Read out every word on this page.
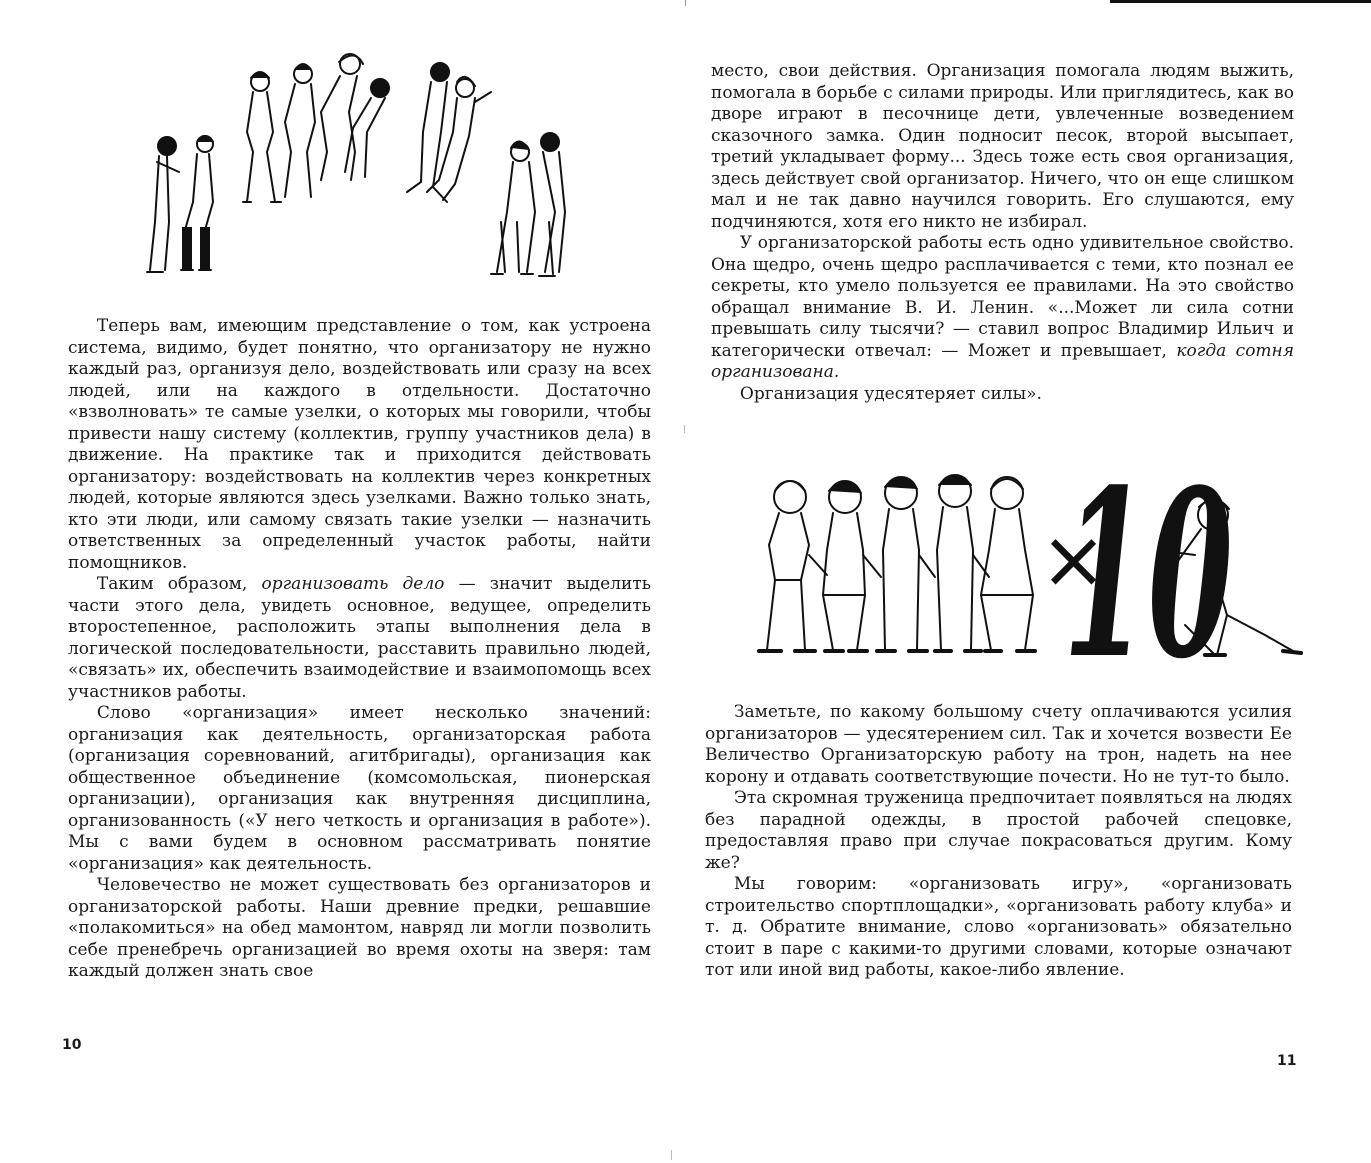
Теперь вам, имеющим представление о том, как устроена система, видимо, будет понятно, что организатору не нужно каждый раз, организуя дело, воздействовать или сразу на всех людей, или на каждого в отдельности. Достаточно «взволновать» те самые узелки, о которых мы говорили, чтобы привести нашу систему (коллектив, группу участников дела) в движение. На практике так и приходится действовать организатору: воздействовать на коллектив через конкретных людей, которые являются здесь узелками. Важно только знать, кто эти люди, или самому связать такие узелки — назначить ответственных за определенный участок работы, найти помощников.

Таким образом, организовать дело — значит выделить части этого дела, увидеть основное, ведущее, определить второстепенное, расположить этапы выполнения дела в логической последовательности, расставить правильно людей, «связать» их, обеспечить взаимодействие и взаимопомощь всех участников работы.

Слово «организация» имеет несколько значений: организация как деятельность, организаторская работа (организация соревнований, агитбригады), организация как общественное объединение (комсомольская, пионерская организации), организация как внутренняя дисциплина, организованность («У него четкость и организация в работе»). Мы с вами будем в основном рассматривать понятие «организация» как деятельность.

Человечество не может существовать без организаторов и организаторской работы. Наши древние предки, решавшие «полакомиться» на обед мамонтом, навряд ли могли позволить себе пренебречь организацией во время охоты на зверя: там каждый должен знать свое

10

место, свои действия. Организация помогала людям выжить, помогала в борьбе с силами природы. Или приглядитесь, как во дворе играют в песочнице дети, увлеченные возведением сказочного замка. Один подносит песок, второй высыпает, третий укладывает форму... Здесь тоже есть своя организация, здесь действует свой организатор. Ничего, что он еще слишком мал и не так давно научился говорить. Его слушаются, ему подчиняются, хотя его никто не избирал.

У организаторской работы есть одно удивительное свойство. Она щедро, очень щедро расплачивается с теми, кто познал ее секреты, кто умело пользуется ее правилами. На это свойство обращал внимание В. И. Ленин. «...Может ли сила сотни превышать силу тысячи? — ставил вопрос Владимир Ильич и категорически отвечал: — Может и превышает, когда сотня организована.

Организация удесятеряет силы».

×
10

Заметьте, по какому большому счету оплачиваются усилия организаторов — удесятерением сил. Так и хочется возвести Ее Величество Организаторскую работу на трон, надеть на нее корону и отдавать соответствующие почести. Но не тут-то было.

Эта скромная труженица предпочитает появляться на людях без парадной одежды, в простой рабочей спецовке, предоставляя право при случае покрасоваться другим. Кому же?

Мы говорим: «организовать игру», «организовать строительство спортплощадки», «организовать работу клуба» и т. д. Обратите внимание, слово «организовать» обязательно стоит в паре с какими-то другими словами, которые означают тот или иной вид работы, какое-либо явление.

11
